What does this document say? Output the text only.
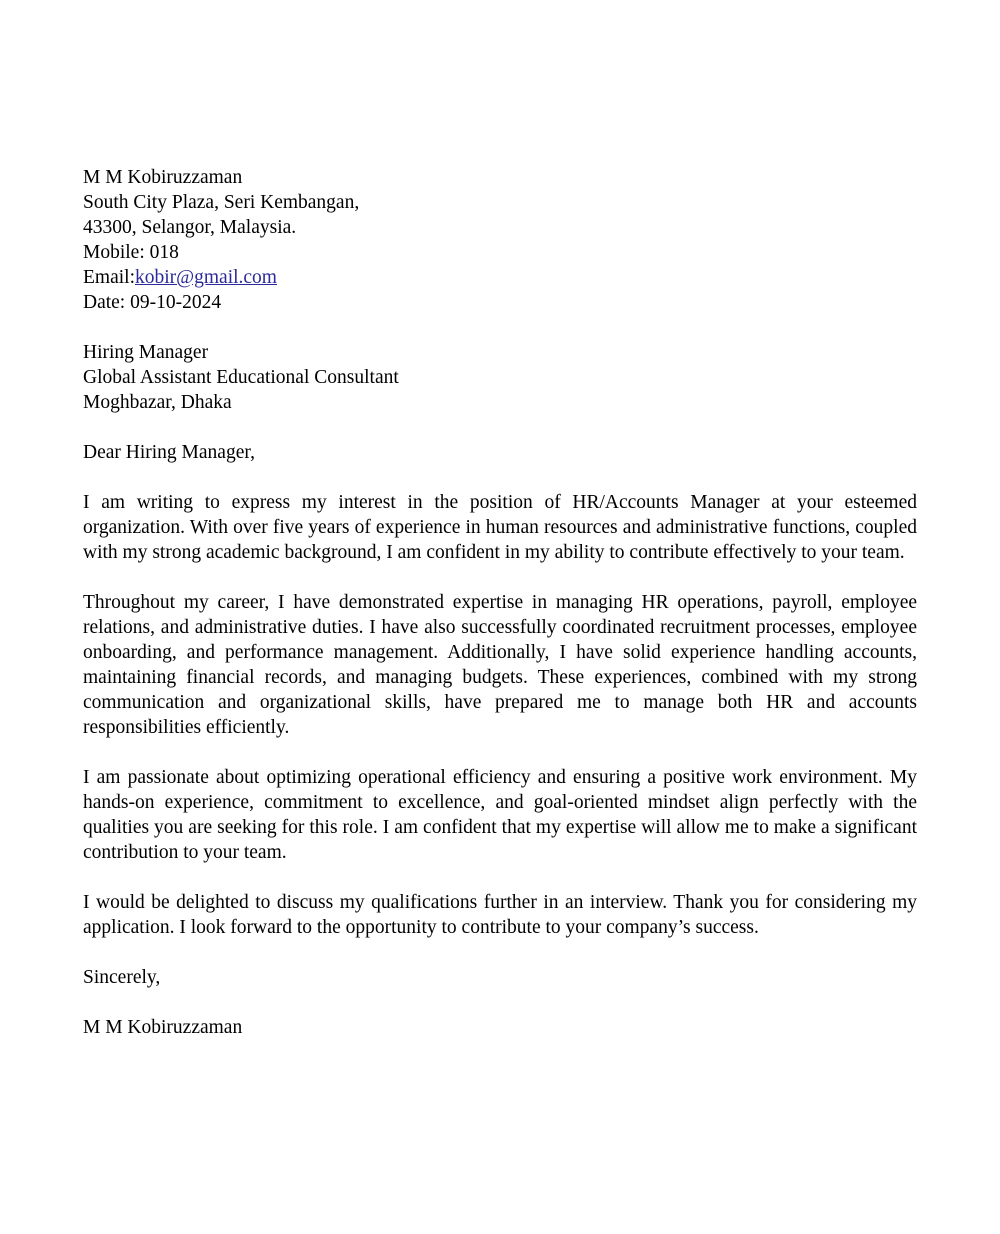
M M Kobiruzzaman
South City Plaza, Seri Kembangan,
43300, Selangor, Malaysia.
Mobile: 018
Email:kobir@gmail.com
Date: 09-10-2024
Hiring Manager
Global Assistant Educational Consultant
Moghbazar, Dhaka
Dear Hiring Manager,

I am writing to express my interest in the position of HR/Accounts Manager at your esteemed organization. With over five years of experience in human resources and administrative functions, coupled with my strong academic background, I am confident in my ability to contribute effectively to your team.

Throughout my career, I have demonstrated expertise in managing HR operations, payroll, employee relations, and administrative duties. I have also successfully coordinated recruitment processes, employee onboarding, and performance management. Additionally, I have solid experience handling accounts, maintaining financial records, and managing budgets. These experiences, combined with my strong communication and organizational skills, have prepared me to manage both HR and accounts responsibilities efficiently.

I am passionate about optimizing operational efficiency and ensuring a positive work environment. My hands-on experience, commitment to excellence, and goal-oriented mindset align perfectly with the qualities you are seeking for this role. I am confident that my expertise will allow me to make a significant contribution to your team.

I would be delighted to discuss my qualifications further in an interview. Thank you for considering my application. I look forward to the opportunity to contribute to your company’s success.

Sincerely,
M M Kobiruzzaman
